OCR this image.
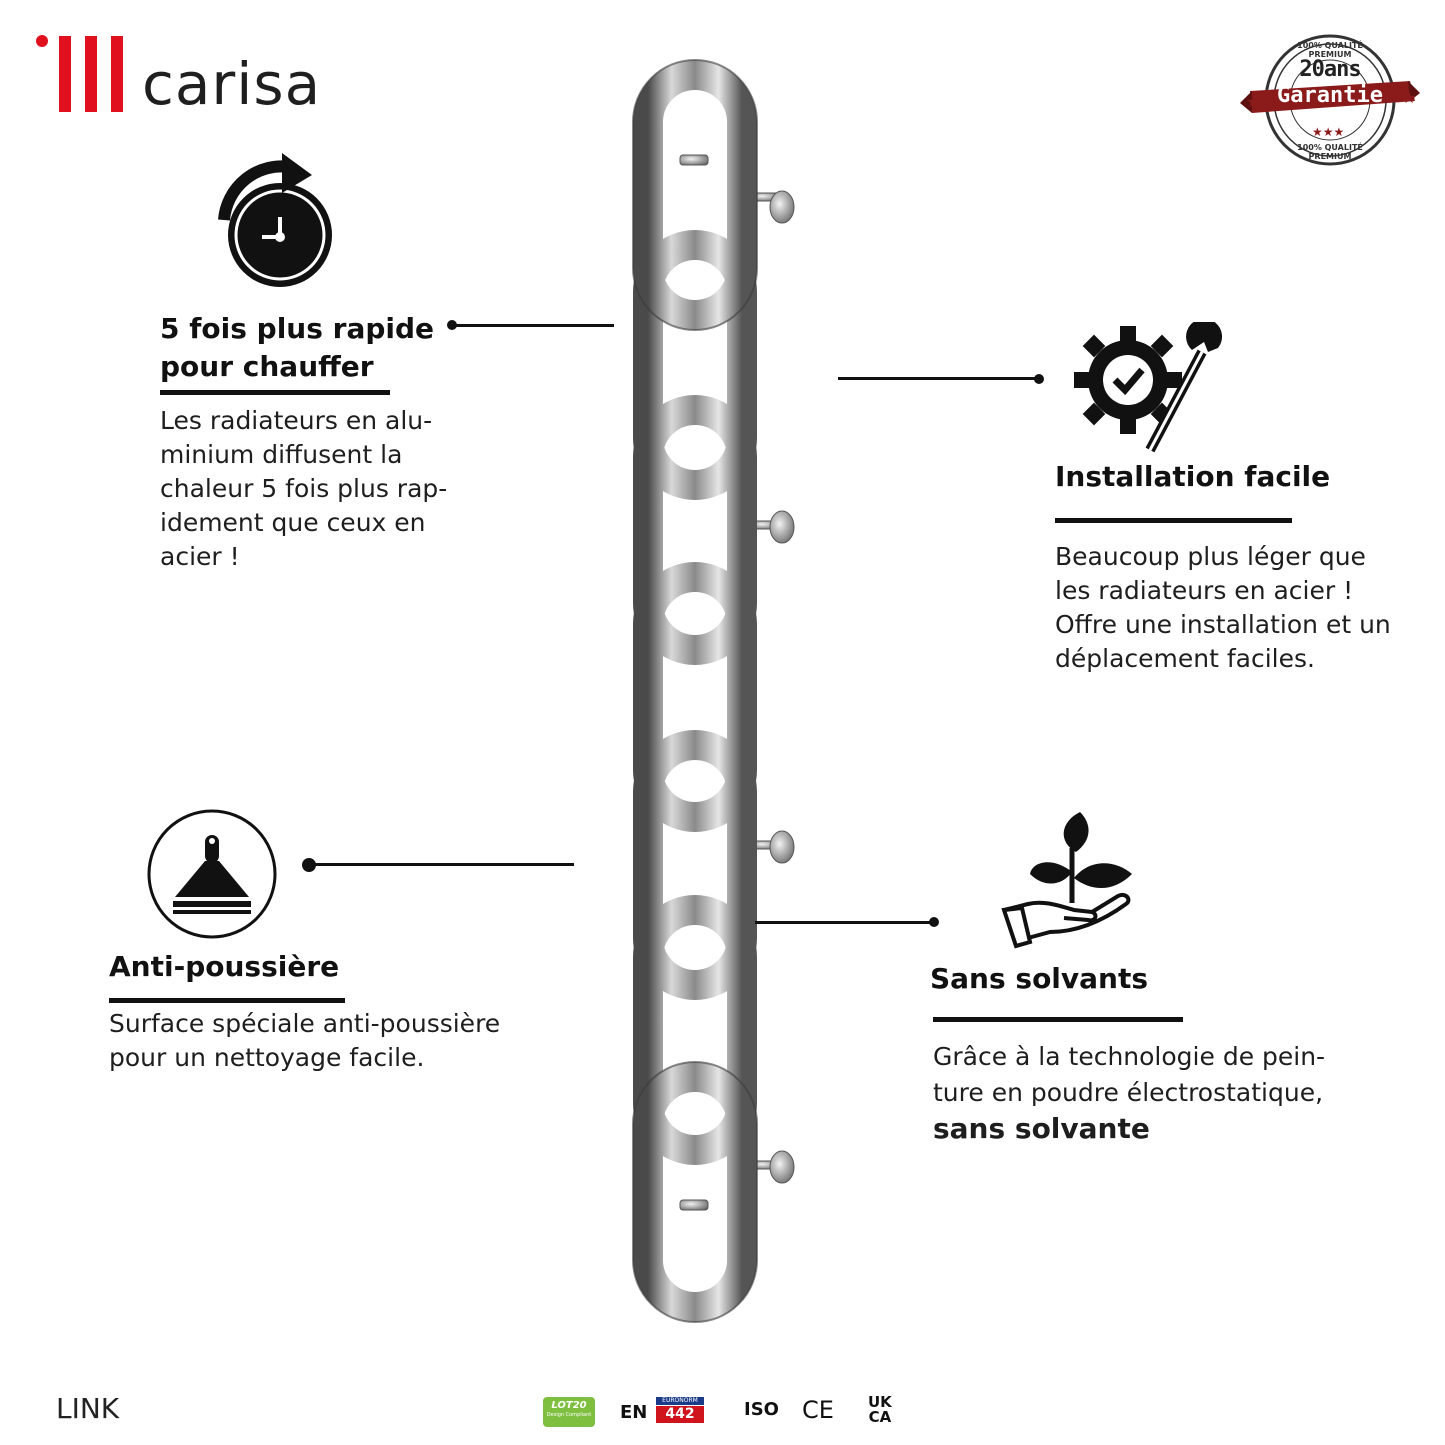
carisa	★	★
★★★
100% QUALITÉ PREMIUM
20ans
Garantie
100% QUALITÉ PREMIUM
5 fois plus rapide
pour chauffer
Les radiateurs en alu-
minium diffusent la
chaleur 5 fois plus rap-
idement que ceux en
acier !
Installation facile
Beaucoup plus léger que
les radiateurs en acier !
Offre une installation et un
déplacement faciles.
Anti-poussière
Surface spéciale anti-poussière
pour un nettoyage facile.
Sans solvants
Grâce à la technologie de pein-
ture en poudre électrostatique,
sans solvante
LINK	LOT20
Design Compliant EN
EURONORM
442	ISO CE UK
CA
